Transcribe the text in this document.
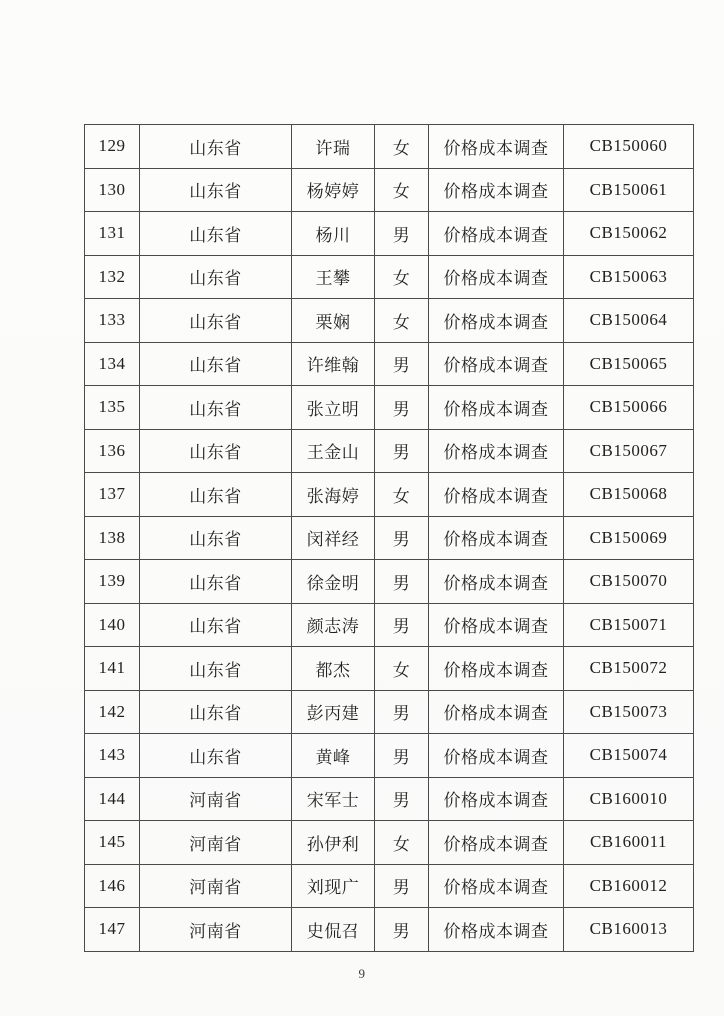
129	山东省	许瑞	女	价格成本调查	CB150060
130	山东省	杨婷婷	女	价格成本调查	CB150061
131	山东省	杨川	男	价格成本调查	CB150062
132	山东省	王攀	女	价格成本调查	CB150063
133	山东省	栗娴	女	价格成本调查	CB150064
134	山东省	许维翰	男	价格成本调查	CB150065
135	山东省	张立明	男	价格成本调查	CB150066
136	山东省	王金山	男	价格成本调查	CB150067
137	山东省	张海婷	女	价格成本调查	CB150068
138	山东省	闵祥经	男	价格成本调查	CB150069
139	山东省	徐金明	男	价格成本调查	CB150070
140	山东省	颜志涛	男	价格成本调查	CB150071
141	山东省	都杰	女	价格成本调查	CB150072
142	山东省	彭丙建	男	价格成本调查	CB150073
143	山东省	黄峰	男	价格成本调查	CB150074
144	河南省	宋军士	男	价格成本调查	CB160010
145	河南省	孙伊利	女	价格成本调查	CB160011
146	河南省	刘现广	男	价格成本调查	CB160012
147	河南省	史侃召	男	价格成本调查	CB160013
9
